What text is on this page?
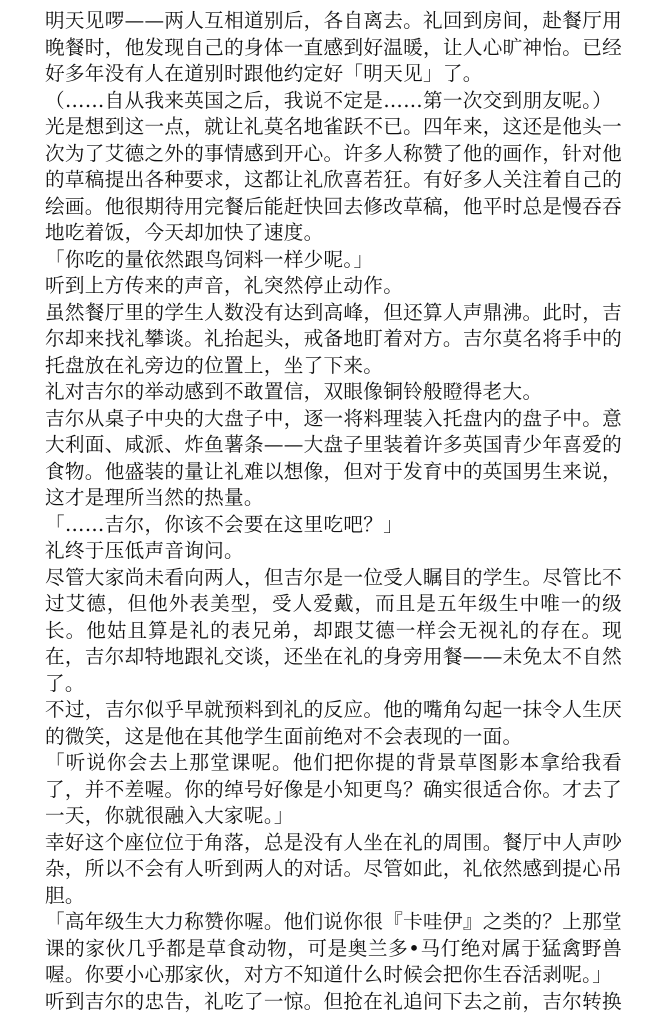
明天见啰——两人互相道别后，各自离去。礼回到房间，赴餐厅用晚餐时，他发现自己的身体一直感到好温暖，让人心旷神怡。已经好多年没有人在道别时跟他约定好「明天见」了。

（……自从我来英国之后，我说不定是……第一次交到朋友呢。）

光是想到这一点，就让礼莫名地雀跃不已。四年来，这还是他头一次为了艾德之外的事情感到开心。许多人称赞了他的画作，针对他的草稿提出各种要求，这都让礼欣喜若狂。有好多人关注着自己的绘画。他很期待用完餐后能赶快回去修改草稿，他平时总是慢吞吞地吃着饭，今天却加快了速度。

「你吃的量依然跟鸟饲料一样少呢。」

听到上方传来的声音，礼突然停止动作。

虽然餐厅里的学生人数没有达到高峰，但还算人声鼎沸。此时，吉尔却来找礼攀谈。礼抬起头，戒备地盯着对方。吉尔莫名将手中的托盘放在礼旁边的位置上，坐了下来。

礼对吉尔的举动感到不敢置信，双眼像铜铃般瞪得老大。

吉尔从桌子中央的大盘子中，逐一将料理装入托盘内的盘子中。意大利面、咸派、炸鱼薯条——大盘子里装着许多英国青少年喜爱的食物。他盛装的量让礼难以想像，但对于发育中的英国男生来说，这才是理所当然的热量。

「……吉尔，你该不会要在这里吃吧？」

礼终于压低声音询问。

尽管大家尚未看向两人，但吉尔是一位受人瞩目的学生。尽管比不过艾德，但他外表美型，受人爱戴，而且是五年级生中唯一的级长。他姑且算是礼的表兄弟，却跟艾德一样会无视礼的存在。现在，吉尔却特地跟礼交谈，还坐在礼的身旁用餐——未免太不自然了。

不过，吉尔似乎早就预料到礼的反应。他的嘴角勾起一抹令人生厌的微笑，这是他在其他学生面前绝对不会表现的一面。

「听说你会去上那堂课呢。他们把你提的背景草图影本拿给我看了，并不差喔。你的绰号好像是小知更鸟？确实很适合你。才去了一天，你就很融入大家呢。」

幸好这个座位位于角落，总是没有人坐在礼的周围。餐厅中人声吵杂，所以不会有人听到两人的对话。尽管如此，礼依然感到提心吊胆。

「高年级生大力称赞你喔。他们说你很『卡哇伊』之类的？上那堂课的家伙几乎都是草食动物，可是奥兰多•马仃绝对属于猛禽野兽喔。你要小心那家伙，对方不知道什么时候会把你生吞活剥呢。」

听到吉尔的忠告，礼吃了一惊。但抢在礼追问下去之前，吉尔转换
